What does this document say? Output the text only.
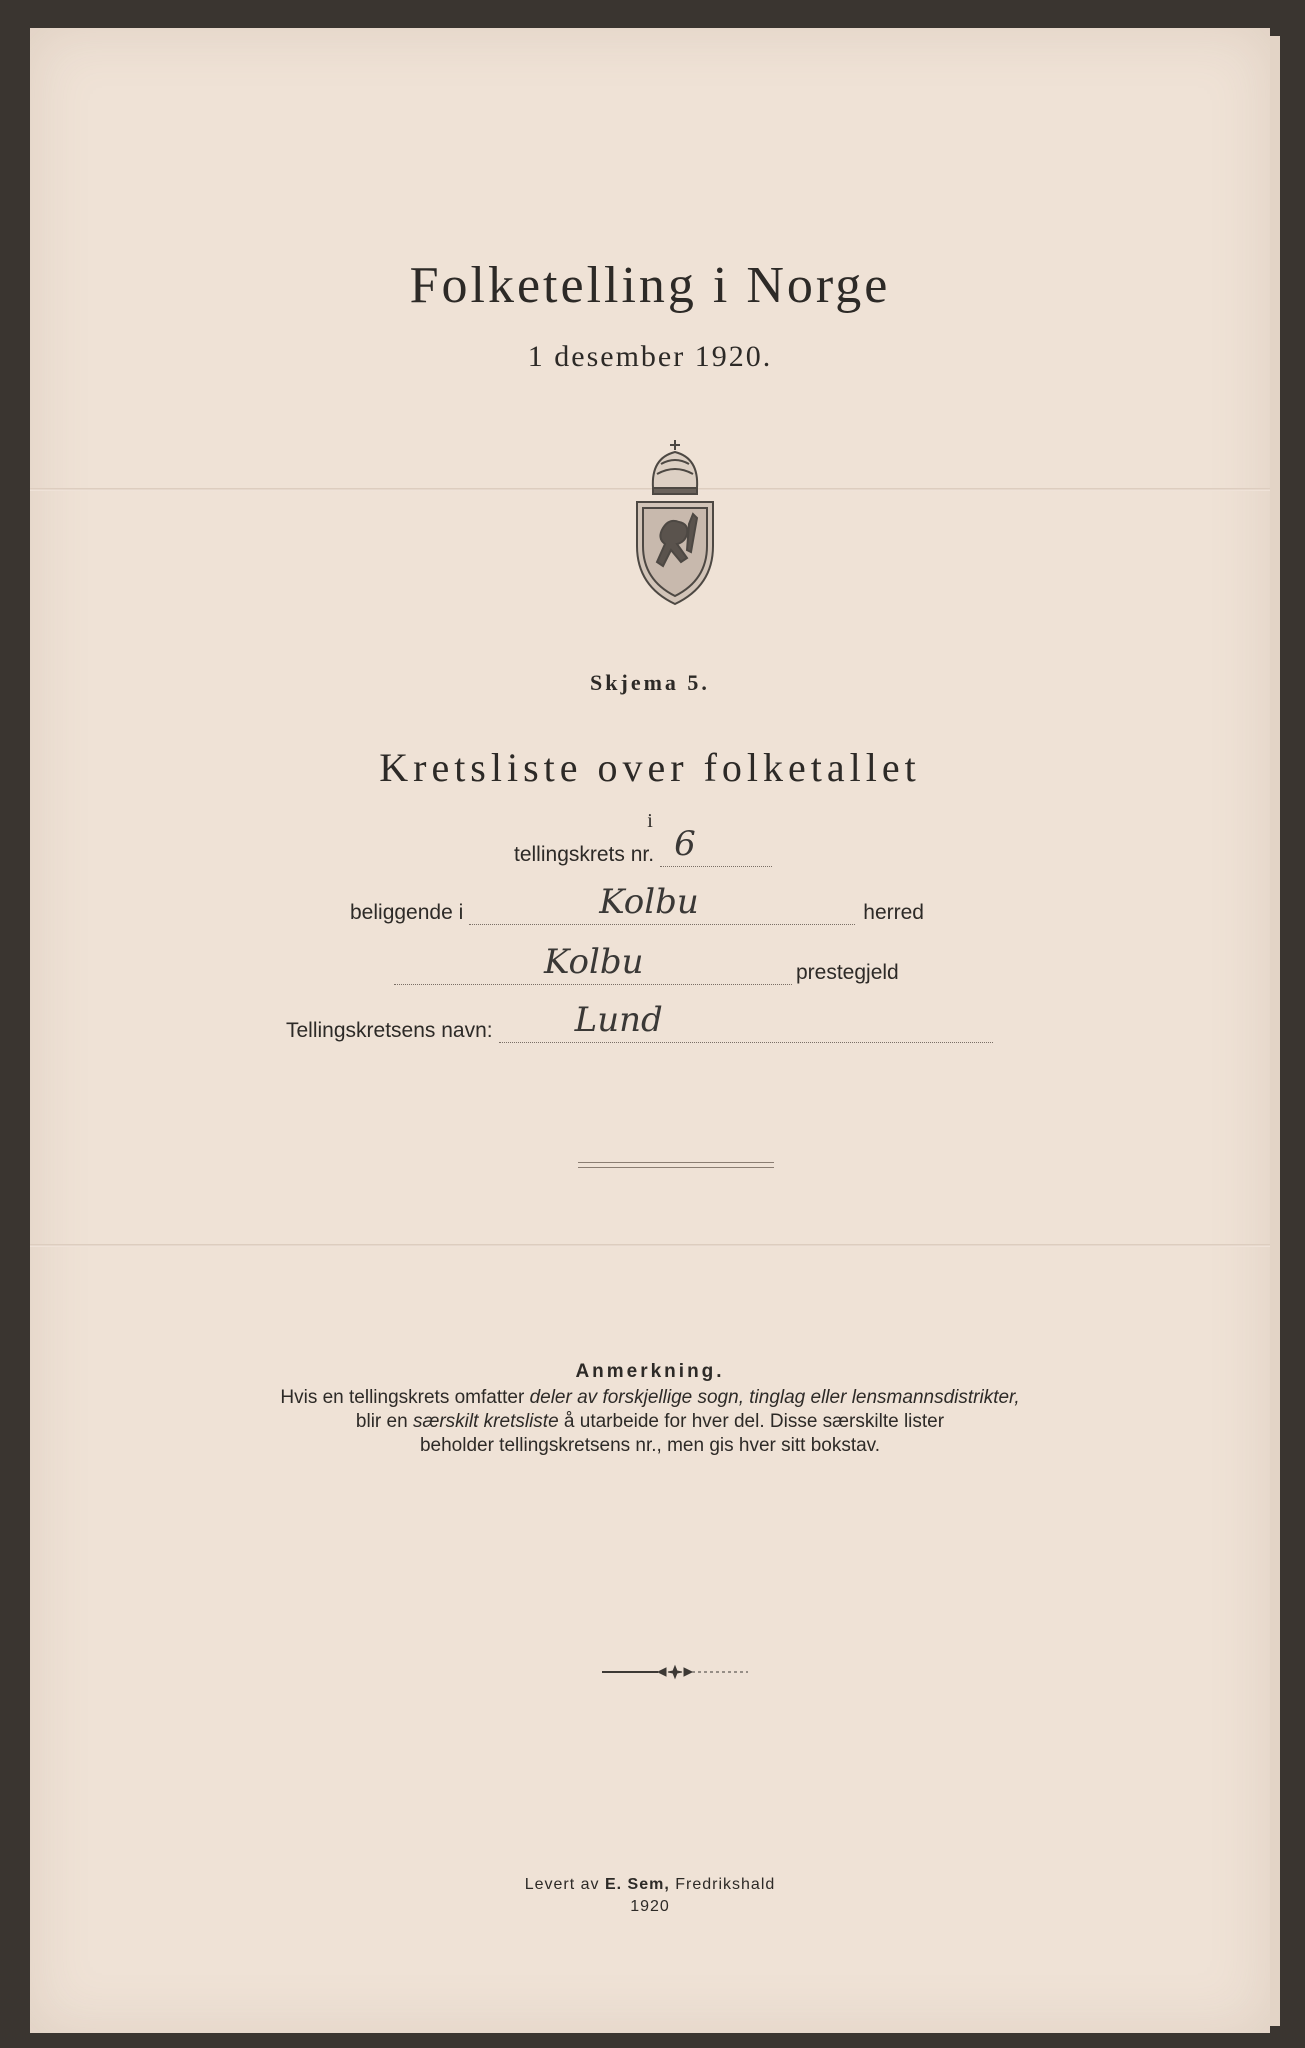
Folketelling i Norge
1 desember 1920.
Skjema 5.
Kretsliste over folketallet
i
tellingskrets nr. 6
beliggende i	Kolbu	herred
Kolbu	prestegjeld
Tellingskretsens navn: Lund
Anmerkning.
Hvis en tellingskrets omfatter deler av forskjellige sogn, tinglag eller lensmannsdistrikter,
blir en særskilt kretsliste å utarbeide for hver del. Disse særskilte lister
beholder tellingskretsens nr., men gis hver sitt bokstav.
Levert av E. Sem, Fredrikshald
1920
